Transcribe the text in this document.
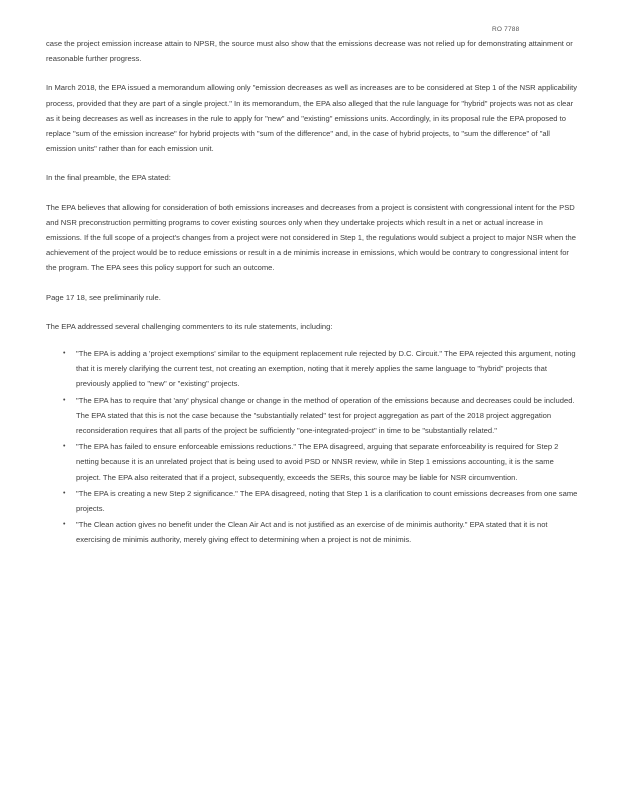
RO 7788

case the project emission increase attain to NPSR, the source must also show that the emissions decrease was not relied up for demonstrating attainment or reasonable further progress.

In March 2018, the EPA issued a memorandum allowing only "emission decreases as well as increases are to be considered at Step 1 of the NSR applicability process, provided that they are part of a single project." In its memorandum, the EPA also alleged that the rule language for "hybrid" projects was not as clear as it being decreases as well as increases in the rule to apply for "new" and "existing" emissions units. Accordingly, in its proposal rule the EPA proposed to replace "sum of the emission increase" for hybrid projects with "sum of the difference" and, in the case of hybrid projects, to "sum the difference" of "all emission units" rather than for each emission unit.

In the final preamble, the EPA stated:

The EPA believes that allowing for consideration of both emissions increases and decreases from a project is consistent with congressional intent for the PSD and NSR preconstruction permitting programs to cover existing sources only when they undertake projects which result in a net or actual increase in emissions. If the full scope of a project's changes from a project were not considered in Step 1, the regulations would subject a project to major NSR when the achievement of the project would be to reduce emissions or result in a de minimis increase in emissions, which would be contrary to congressional intent for the program. The EPA sees this policy support for such an outcome.

Page 17 18, see preliminarily rule.

The EPA addressed several challenging commenters to its rule statements, including:

• "The EPA is adding a 'project exemptions' similar to the equipment replacement rule rejected by D.C. Circuit." The EPA rejected this argument, noting that it is merely clarifying the current test, not creating an exemption, noting that it merely applies the same language to "hybrid" projects that previously applied to "new" or "existing" projects.
• "The EPA has to require that 'any' physical change or change in the method of operation of the emissions because and decreases could be included. The EPA stated that this is not the case because the "substantially related" test for project aggregation as part of the 2018 project aggregation reconsideration requires that all parts of the project be sufficiently "one-integrated-project" in time to be "substantially related."
• "The EPA has failed to ensure enforceable emissions reductions." The EPA disagreed, arguing that separate enforceability is required for Step 2 netting because it is an unrelated project that is being used to avoid PSD or NNSR review, while in Step 1 emissions accounting, it is the same project. The EPA also reiterated that if a project, subsequently, exceeds the SERs, this source may be liable for NSR circumvention.
• "The EPA is creating a new Step 2 significance." The EPA disagreed, noting that Step 1 is a clarification to count emissions decreases from one same projects.
• "The Clean action gives no benefit under the Clean Air Act and is not justified as an exercise of de minimis authority." EPA stated that it is not exercising de minimis authority, merely giving effect to determining when a project is not de minimis.
